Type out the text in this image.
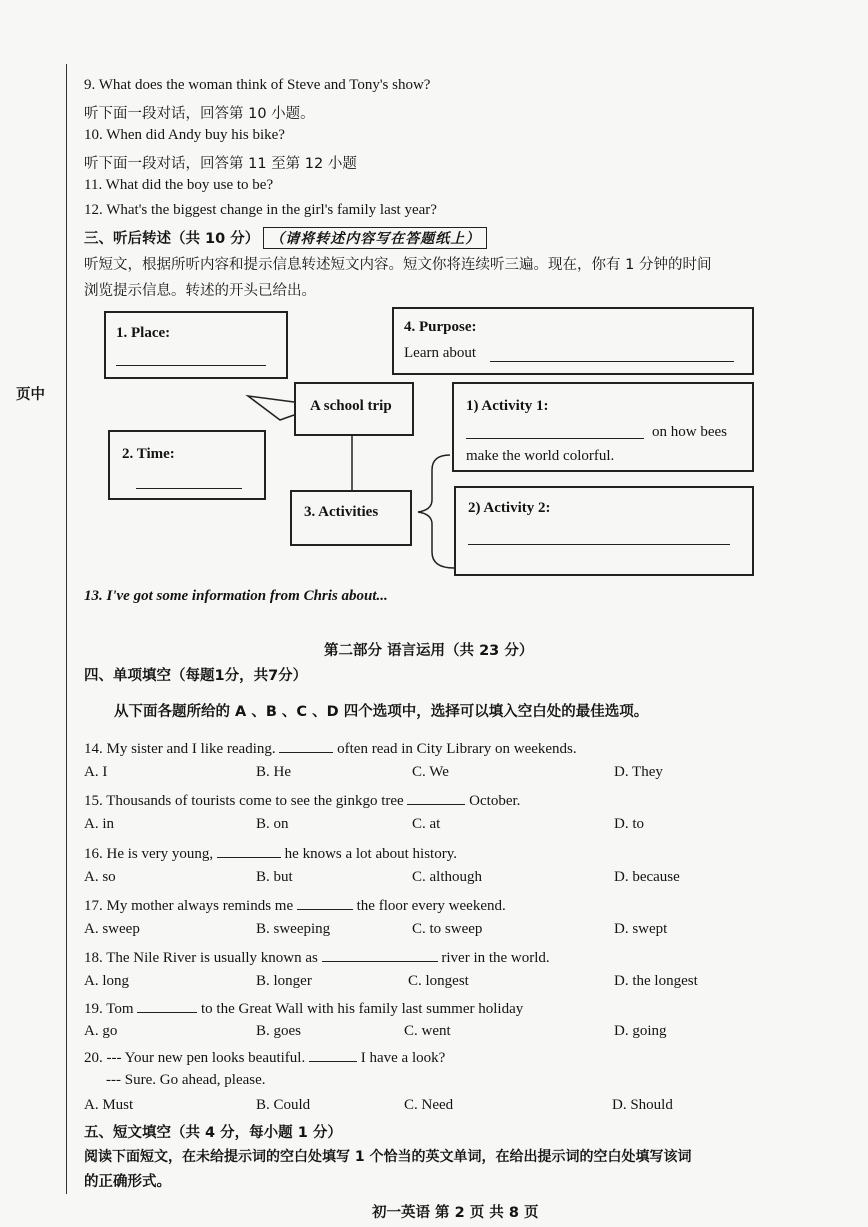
页中
9. What does the woman think of Steve and Tony's show?
听下面一段对话，回答第 10 小题。
10. When did Andy buy his bike?
听下面一段对话，回答第 11 至第 12 小题
11. What did the boy use to be?
12. What's the biggest change in the girl's family last year?
三、听后转述（共 10 分） （请将转述内容写在答题纸上）
听短文，根据所听内容和提示信息转述短文内容。短文你将连续听三遍。现在，你有 1 分钟的时间
浏览提示信息。转述的开头已给出。
1. Place:	4. Purpose:
Learn about
A school trip	1) Activity 1:
on how bees
make the world colorful.
2. Time:
3. Activities	2) Activity 2:
13. I've got some information from Chris about...
第二部分 语言运用（共 23 分）
四、单项填空（每题1分，共7分）
从下面各题所给的 A 、B 、C 、D 四个选项中，选择可以填入空白处的最佳选项。
14. My sister and I like reading.	often read in City Library on weekends.
A. I	B. He	C. We	D. They
15. Thousands of tourists come to see the ginkgo tree	October.
A. in	B. on	C. at	D. to
16. He is very young,	he knows a lot about history.
A. so	B. but	C. although	D. because
17. My mother always reminds me	the floor every weekend.
A. sweep	B. sweeping	C. to sweep	D. swept
18. The Nile River is usually known as	river in the world.
A. long	B. longer	C. longest	D. the longest
19. Tom	to the Great Wall with his family last summer holiday
A. go	B. goes	C. went	D. going
20. --- Your new pen looks beautiful.	I have a look?
--- Sure. Go ahead, please.
A. Must	B. Could	C. Need	D. Should
五、短文填空（共 4 分，每小题 1 分）
阅读下面短文，在未给提示词的空白处填写 1 个恰当的英文单词，在给出提示词的空白处填写该词
的正确形式。
初一英语 第 2 页 共 8 页
